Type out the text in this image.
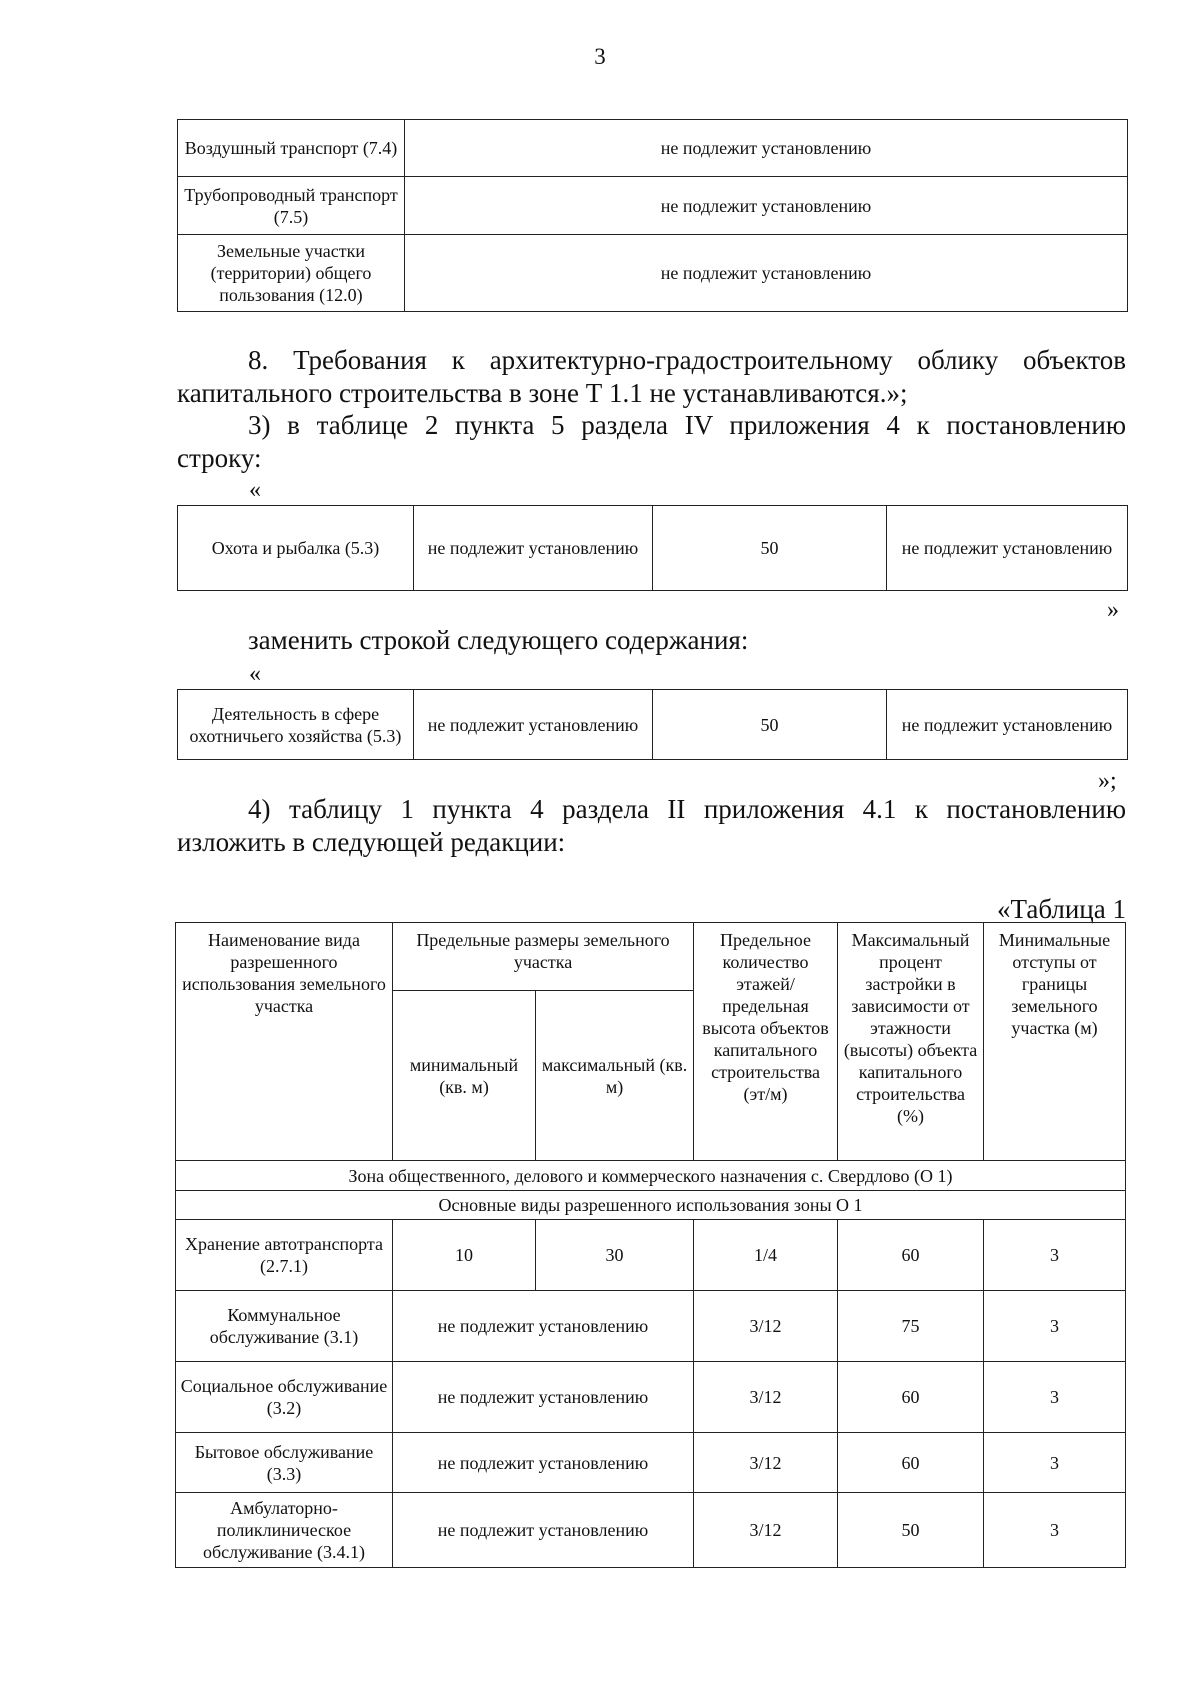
3
Воздушный транспорт (7.4)	не подлежит установлению
Трубопроводный транспорт (7.5)	не подлежит установлению
Земельные участки (территории) общего пользования (12.0)	не подлежит установлению
8. Требования к архитектурно-градостроительному облику объектов
капитального строительства в зоне Т 1.1 не устанавливаются.»;
3) в таблице 2 пункта 5 раздела IV приложения 4 к постановлению
строку:
«
Охота и рыбалка (5.3)	не подлежит установлению	50	не подлежит установлению
»
заменить строкой следующего содержания:
«
Деятельность в сфере охотничьего хозяйства (5.3)	не подлежит установлению	50	не подлежит установлению
»;
4) таблицу 1 пункта 4 раздела II приложения 4.1 к постановлению
изложить в следующей редакции:
«Таблица 1
Наименование вида разрешенного использования земельного участка	Предельные размеры земельного участка		Предельное количество этажей/ предельная высота объектов капитального строительства (эт/м)	Максимальный процент застройки в зависимости от этажности (высоты) объекта капитального строительства (%)	Минимальные отступы от границы земельного участка (м)
	минимальный (кв. м)	максимальный (кв. м)			
Зона общественного, делового и коммерческого назначения с. Свердлово (О 1)					
Основные виды разрешенного использования зоны О 1					
Хранение автотранспорта (2.7.1)	10	30	1/4	60	3
Коммунальное обслуживание (3.1)	не подлежит установлению		3/12	75	3
Социальное обслуживание (3.2)	не подлежит установлению		3/12	60	3
Бытовое обслуживание (3.3)	не подлежит установлению		3/12	60	3
Амбулаторно-поликлиническое обслуживание (3.4.1)	не подлежит установлению		3/12	50	3
